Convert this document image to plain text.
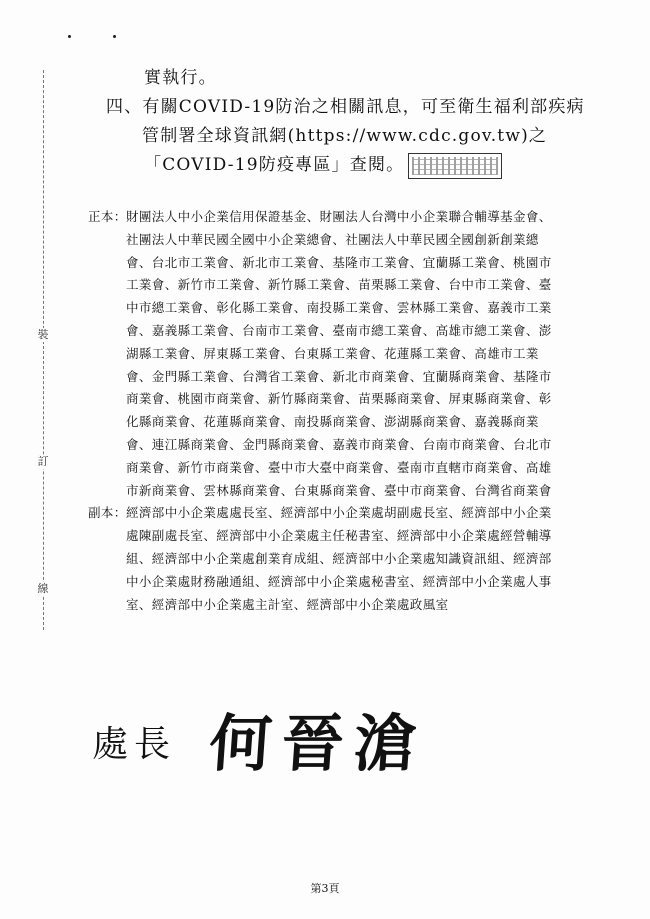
裝
訂
線
實執行。
四、有關COVID-19防治之相關訊息，可至衛生福利部疾病
管制署全球資訊網(https://www.cdc.gov.tw)之
「COVID-19防疫專區」查閱。
正本：財團法人中小企業信用保證基金、財團法人台灣中小企業聯合輔導基金會、
社團法人中華民國全國中小企業總會、社團法人中華民國全國創新創業總
會、台北市工業會、新北市工業會、基隆市工業會、宜蘭縣工業會、桃園市
工業會、新竹市工業會、新竹縣工業會、苗栗縣工業會、台中市工業會、臺
中市總工業會、彰化縣工業會、南投縣工業會、雲林縣工業會、嘉義市工業
會、嘉義縣工業會、台南市工業會、臺南市總工業會、高雄市總工業會、澎
湖縣工業會、屏東縣工業會、台東縣工業會、花蓮縣工業會、高雄市工業
會、金門縣工業會、台灣省工業會、新北市商業會、宜蘭縣商業會、基隆市
商業會、桃園市商業會、新竹縣商業會、苗栗縣商業會、屏東縣商業會、彰
化縣商業會、花蓮縣商業會、南投縣商業會、澎湖縣商業會、嘉義縣商業
會、連江縣商業會、金門縣商業會、嘉義市商業會、台南市商業會、台北市
商業會、新竹市商業會、臺中市大臺中商業會、臺南市直轄市商業會、高雄
市新商業會、雲林縣商業會、台東縣商業會、臺中市商業會、台灣省商業會
副本：經濟部中小企業處處長室、經濟部中小企業處胡副處長室、經濟部中小企業
處陳副處長室、經濟部中小企業處主任秘書室、經濟部中小企業處經營輔導
組、經濟部中小企業處創業育成組、經濟部中小企業處知識資訊組、經濟部
中小企業處財務融通組、經濟部中小企業處秘書室、經濟部中小企業處人事
室、經濟部中小企業處主計室、經濟部中小企業處政風室
處長 何晉滄
第3頁
